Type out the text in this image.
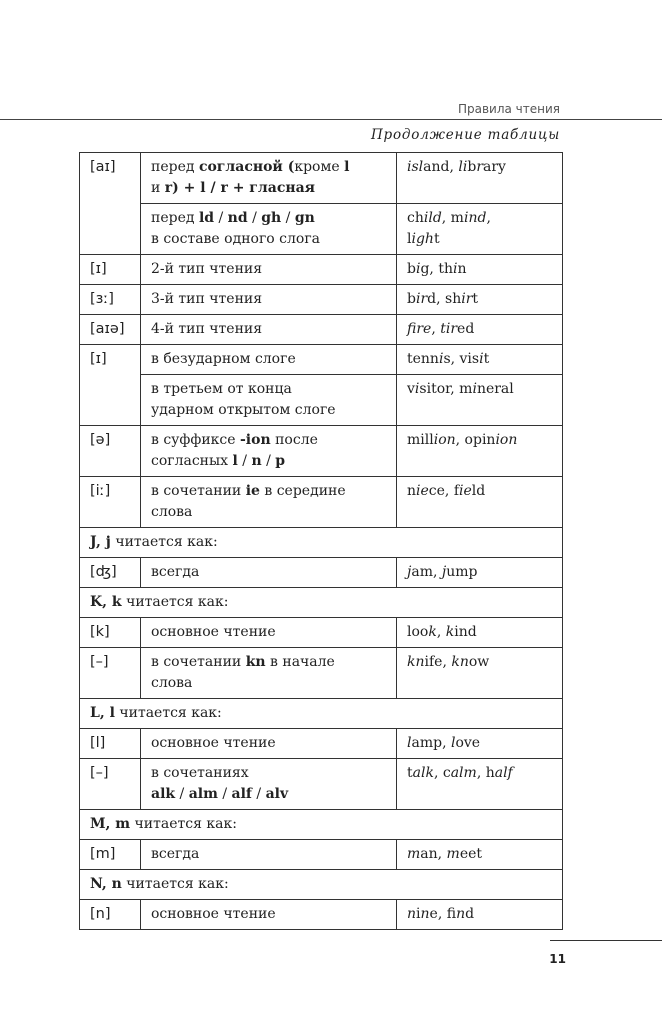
Правила чтения
Продолжение таблицы
[aɪ]	перед согласной (кроме l
и r) + l / r + гласная	island, library
	перед ld / nd / gh / gn
в составе одного слога	child, mind,
light
[ɪ]	2-й тип чтения	big, thin
[ɜː]	3-й тип чтения	bird, shirt
[aɪə]	4-й тип чтения	fire, tired
[ɪ]	в безударном слоге	tennis, visit
	в третьем от конца
ударном открытом слоге	visitor, mineral
[ə]	в суффиксе -ion после
согласных l / n / p	million, opinion
[iː]	в сочетании ie в середине
слова	niece, field
J, j читается как:		
[ʤ]	всегда	jam, jump
K, k читается как:		
[k]	основное чтение	look, kind
[–]	в сочетании kn в начале
слова	knife, know
L, l читается как:		
[l]	основное чтение	lamp, love
[–]	в сочетаниях
alk / alm / alf / alv	talk, calm, half
M, m читается как:		
[m]	всегда	man, meet
N, n читается как:		
[n]	основное чтение	nine, find
11
